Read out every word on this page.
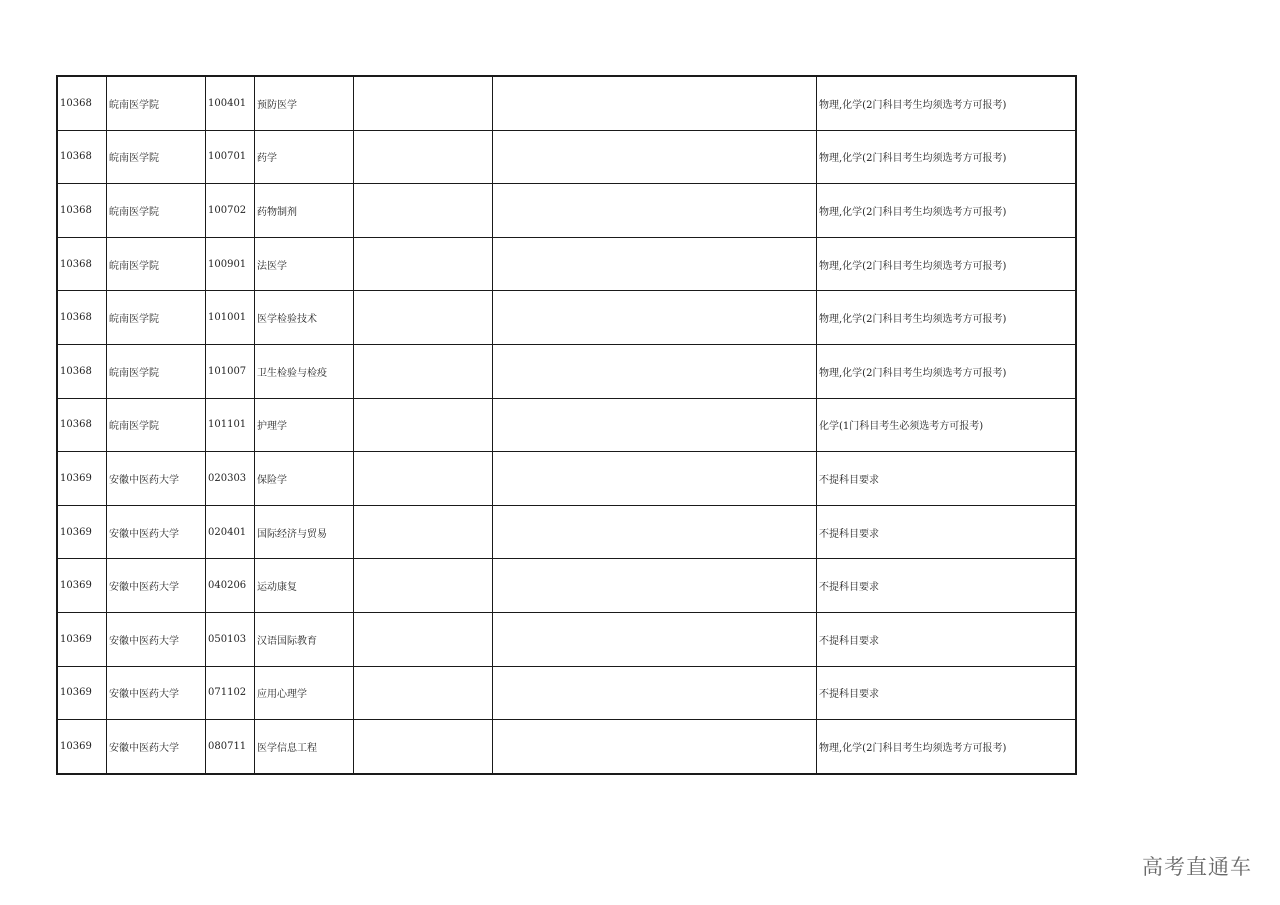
10368	皖南医学院	100401	预防医学			物理,化学(2门科目考生均须选考方可报考)
10368	皖南医学院	100701	药学			物理,化学(2门科目考生均须选考方可报考)
10368	皖南医学院	100702	药物制剂			物理,化学(2门科目考生均须选考方可报考)
10368	皖南医学院	100901	法医学			物理,化学(2门科目考生均须选考方可报考)
10368	皖南医学院	101001	医学检验技术			物理,化学(2门科目考生均须选考方可报考)
10368	皖南医学院	101007	卫生检验与检疫			物理,化学(2门科目考生均须选考方可报考)
10368	皖南医学院	101101	护理学			化学(1门科目考生必须选考方可报考)
10369	安徽中医药大学	020303	保险学			不提科目要求
10369	安徽中医药大学	020401	国际经济与贸易			不提科目要求
10369	安徽中医药大学	040206	运动康复			不提科目要求
10369	安徽中医药大学	050103	汉语国际教育			不提科目要求
10369	安徽中医药大学	071102	应用心理学			不提科目要求
10369	安徽中医药大学	080711	医学信息工程			物理,化学(2门科目考生均须选考方可报考)
高考直通车
